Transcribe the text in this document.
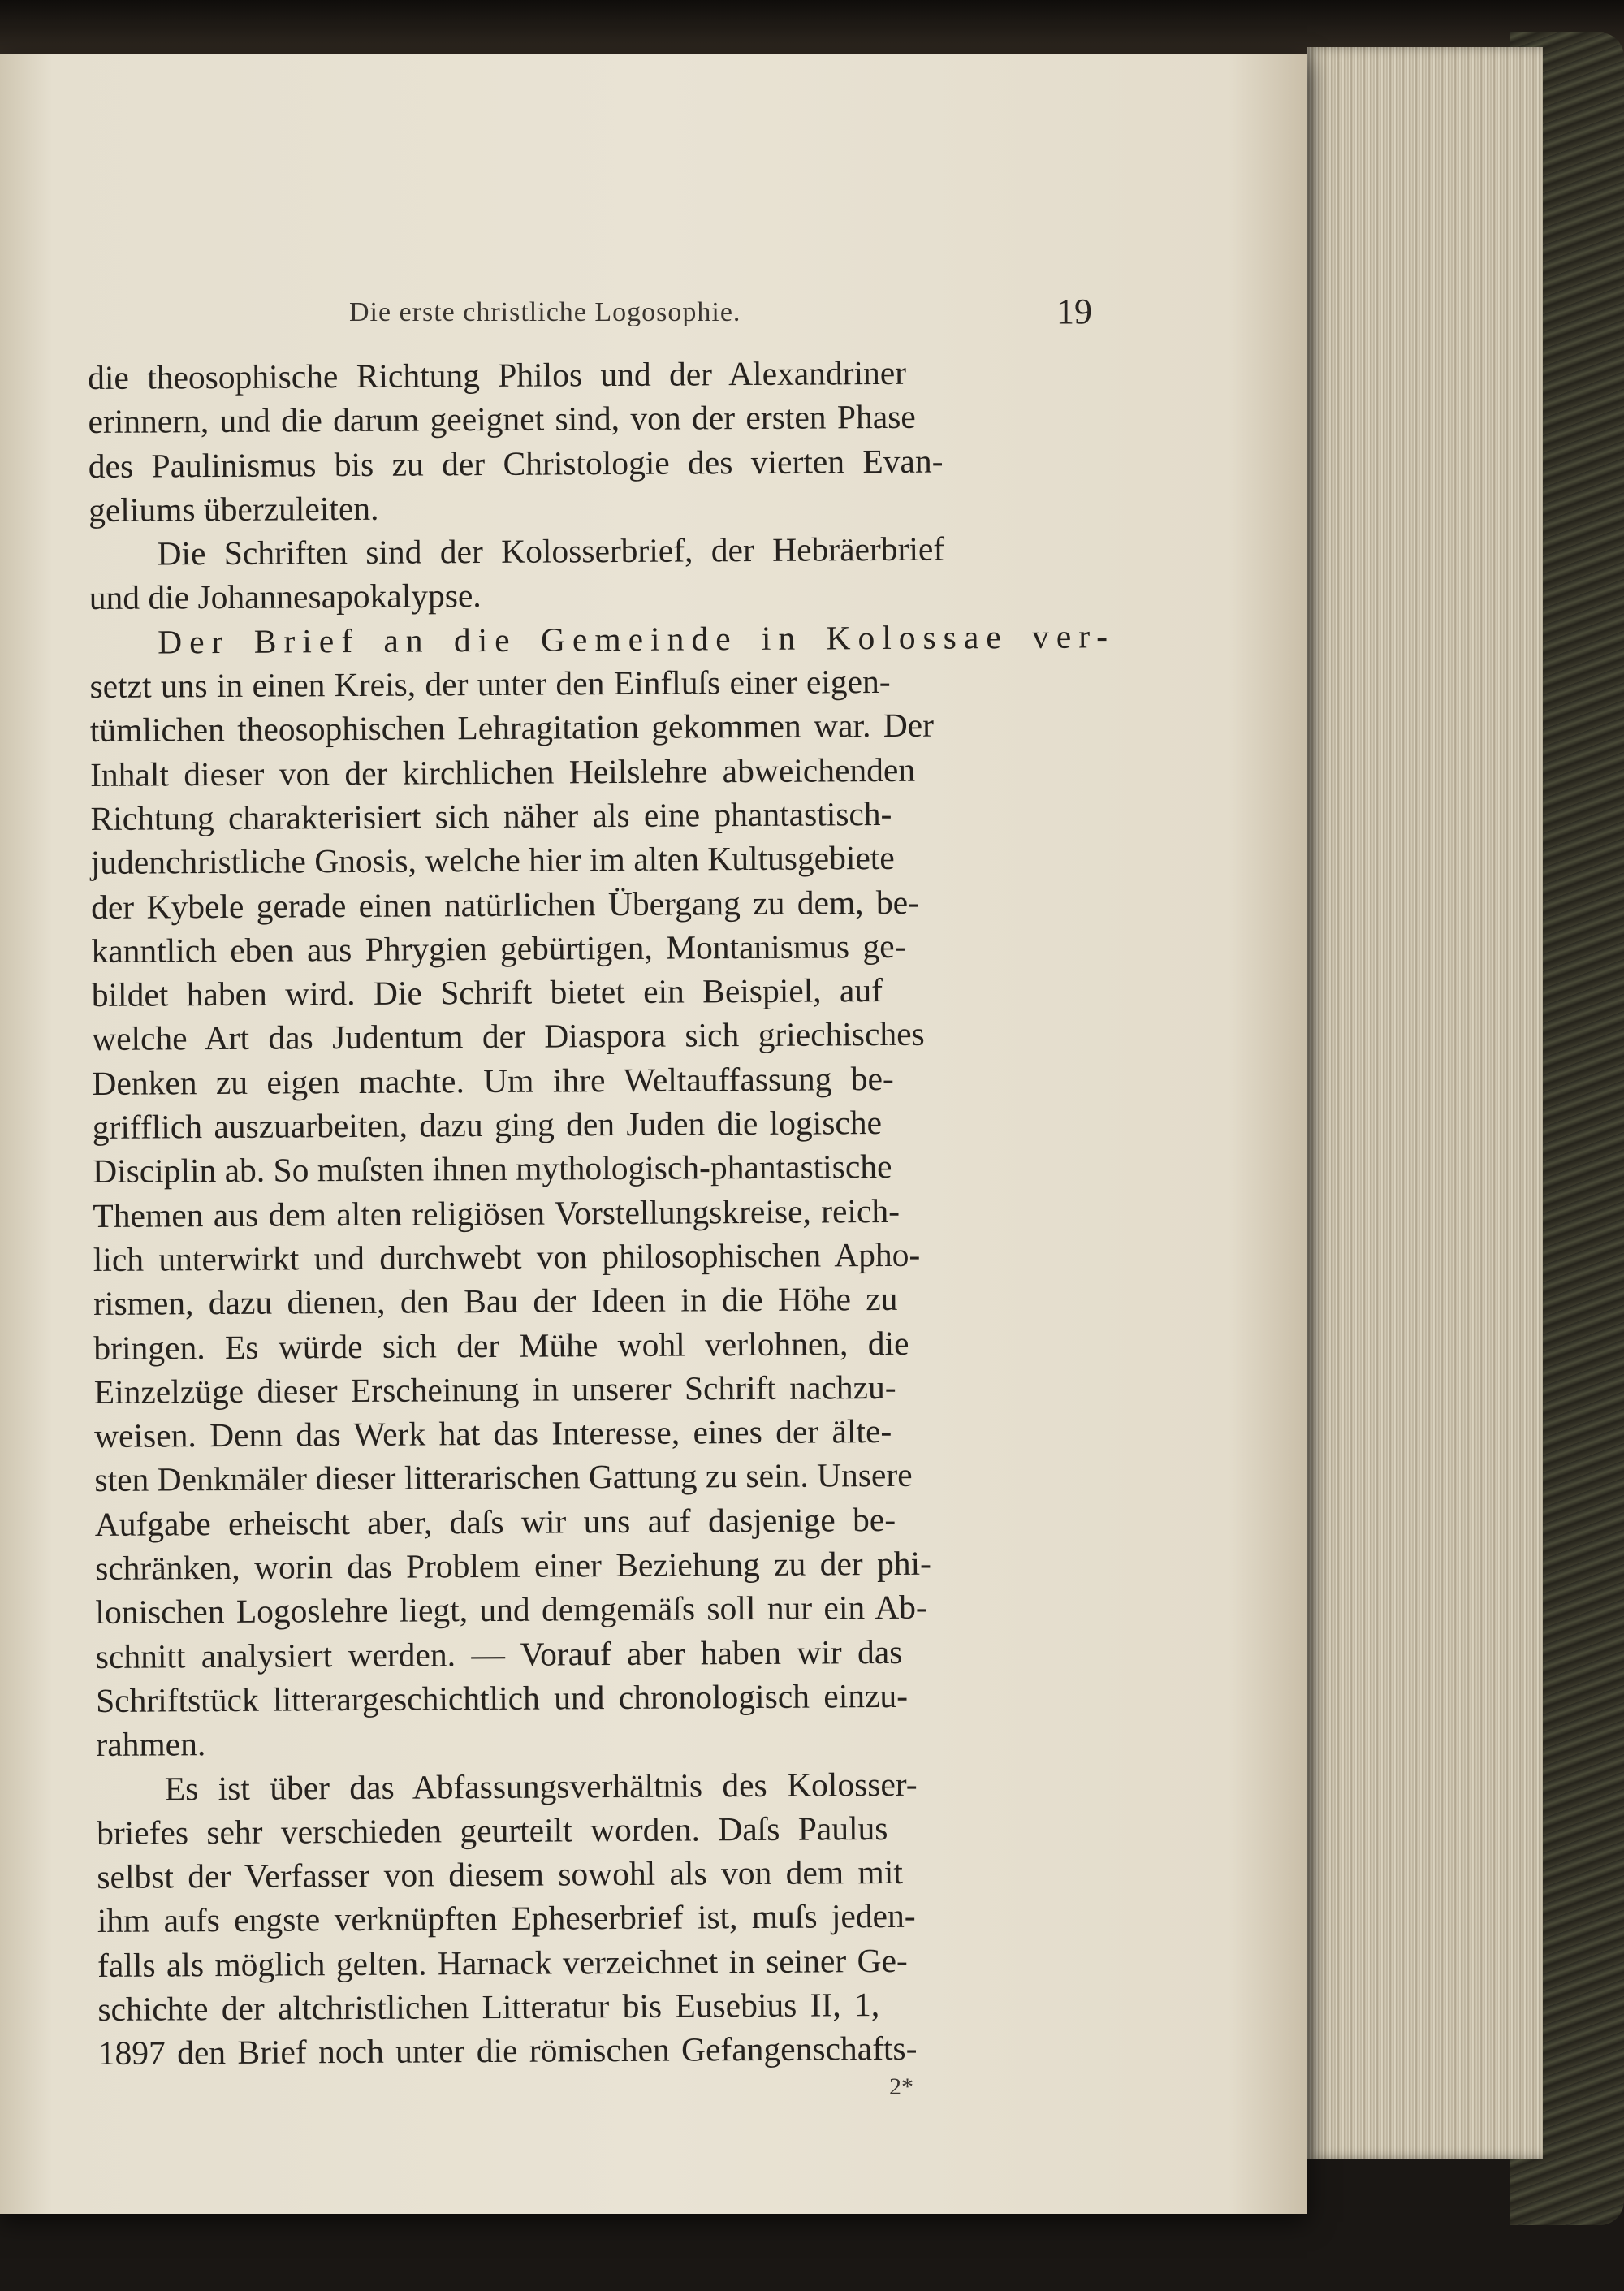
Die erste christliche Logosophie.	19
die theosophische Richtung Philos und der Alexandriner
erinnern, und die darum geeignet sind, von der ersten Phase
des Paulinismus bis zu der Christologie des vierten Evan-
geliums überzuleiten.
Die Schriften sind der Kolosserbrief, der Hebräerbrief
und die Johannesapokalypse.
Der Brief an die Gemeinde in Kolossae ver-
setzt uns in einen Kreis, der unter den Einfluſs einer eigen-
tümlichen theosophischen Lehragitation gekommen war. Der
Inhalt dieser von der kirchlichen Heilslehre abweichenden
Richtung charakterisiert sich näher als eine phantastisch-
judenchristliche Gnosis, welche hier im alten Kultusgebiete
der Kybele gerade einen natürlichen Übergang zu dem, be-
kanntlich eben aus Phrygien gebürtigen, Montanismus ge-
bildet haben wird. Die Schrift bietet ein Beispiel, auf
welche Art das Judentum der Diaspora sich griechisches
Denken zu eigen machte. Um ihre Weltauffassung be-
grifflich auszuarbeiten, dazu ging den Juden die logische
Disciplin ab. So muſsten ihnen mythologisch-phantastische
Themen aus dem alten religiösen Vorstellungskreise, reich-
lich unterwirkt und durchwebt von philosophischen Apho-
rismen, dazu dienen, den Bau der Ideen in die Höhe zu
bringen. Es würde sich der Mühe wohl verlohnen, die
Einzelzüge dieser Erscheinung in unserer Schrift nachzu-
weisen. Denn das Werk hat das Interesse, eines der älte-
sten Denkmäler dieser litterarischen Gattung zu sein. Unsere
Aufgabe erheischt aber, daſs wir uns auf dasjenige be-
schränken, worin das Problem einer Beziehung zu der phi-
lonischen Logoslehre liegt, und demgemäſs soll nur ein Ab-
schnitt analysiert werden. — Vorauf aber haben wir das
Schriftstück litterargeschichtlich und chronologisch einzu-
rahmen.
Es ist über das Abfassungsverhältnis des Kolosser-
briefes sehr verschieden geurteilt worden. Daſs Paulus
selbst der Verfasser von diesem sowohl als von dem mit
ihm aufs engste verknüpften Epheserbrief ist, muſs jeden-
falls als möglich gelten. Harnack verzeichnet in seiner Ge-
schichte der altchristlichen Litteratur bis Eusebius II, 1,
1897 den Brief noch unter die römischen Gefangenschafts-
2*
